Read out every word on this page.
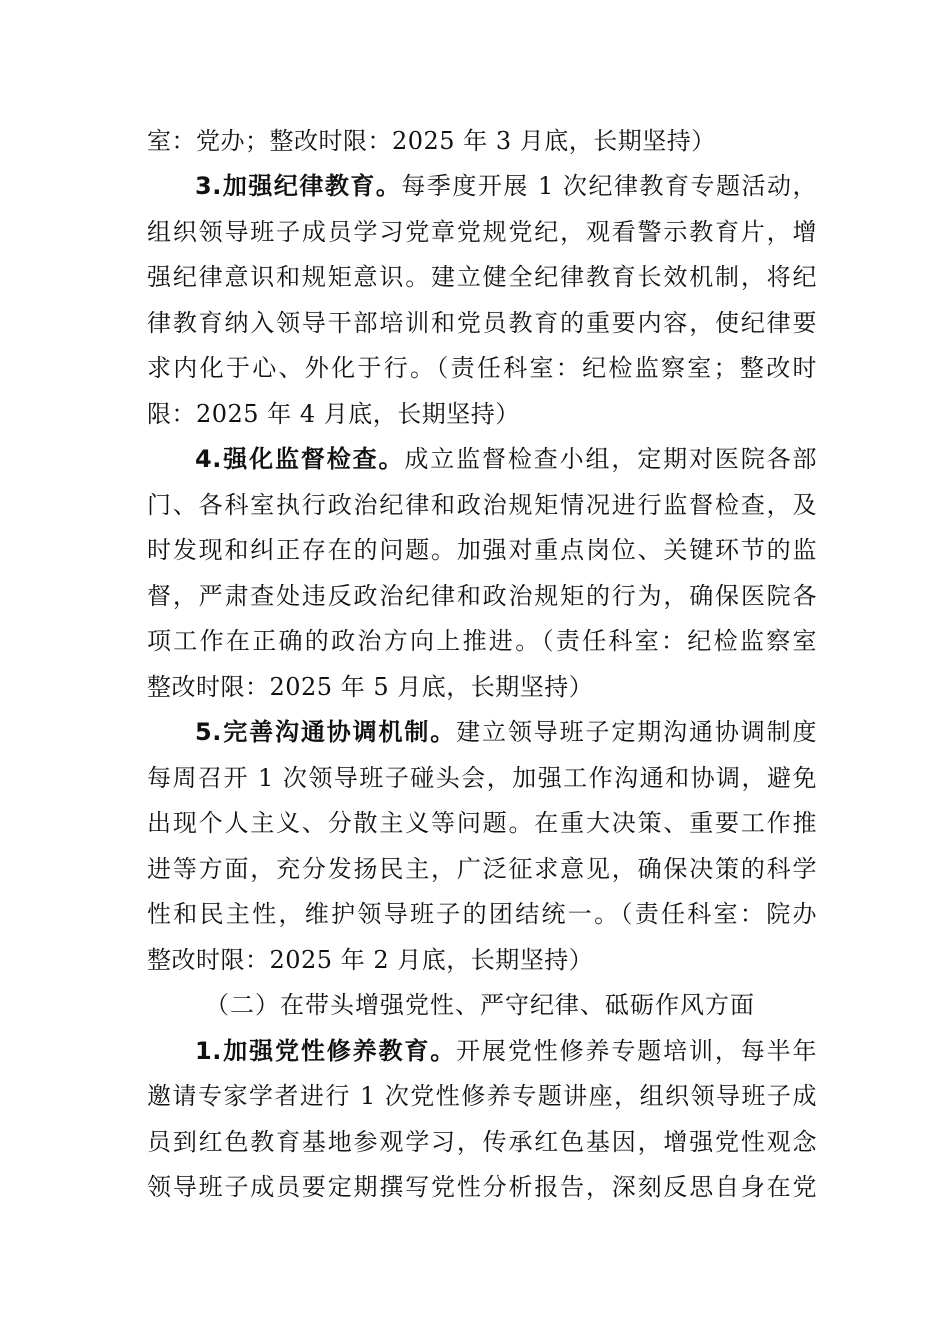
室：党办；整改时限：2025 年 3 月底，长期坚持）
3.加强纪律教育。每季度开展 1 次纪律教育专题活动，
组织领导班子成员学习党章党规党纪，观看警示教育片，增
强纪律意识和规矩意识。建立健全纪律教育长效机制，将纪
律教育纳入领导干部培训和党员教育的重要内容，使纪律要
求内化于心、外化于行。（责任科室：纪检监察室；整改时
限：2025 年 4 月底，长期坚持）
4.强化监督检查。成立监督检查小组，定期对医院各部
门、各科室执行政治纪律和政治规矩情况进行监督检查，及
时发现和纠正存在的问题。加强对重点岗位、关键环节的监
督，严肃查处违反政治纪律和政治规矩的行为，确保医院各
项工作在正确的政治方向上推进。（责任科室：纪检监察室
整改时限：2025 年 5 月底，长期坚持）
5.完善沟通协调机制。建立领导班子定期沟通协调制度
每周召开 1 次领导班子碰头会，加强工作沟通和协调，避免
出现个人主义、分散主义等问题。在重大决策、重要工作推
进等方面，充分发扬民主，广泛征求意见，确保决策的科学
性和民主性，维护领导班子的团结统一。（责任科室：院办
整改时限：2025 年 2 月底，长期坚持）
（二）在带头增强党性、严守纪律、砥砺作风方面
1.加强党性修养教育。开展党性修养专题培训，每半年
邀请专家学者进行 1 次党性修养专题讲座，组织领导班子成
员到红色教育基地参观学习，传承红色基因，增强党性观念
领导班子成员要定期撰写党性分析报告，深刻反思自身在党
